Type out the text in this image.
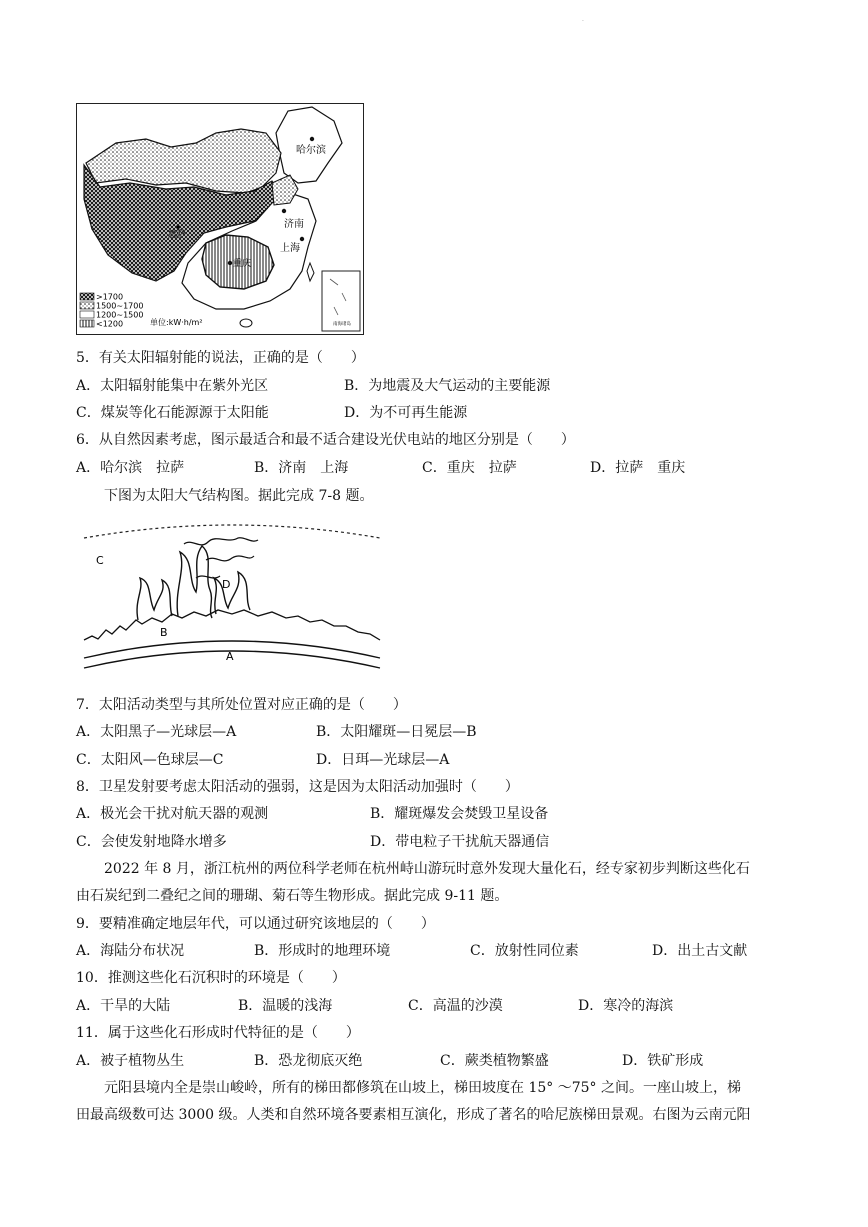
·
哈尔滨
济南
上海
拉萨
重庆
南海诸岛
>1700
1500~1700
1200~1500
<1200	单位:kW·h/m²
5．有关太阳辐射能的说法，正确的是（　　）
A．太阳辐射能集中在紫外光区	B．为地震及大气运动的主要能源
C．煤炭等化石能源源于太阳能	D．为不可再生能源
6．从自然因素考虑，图示最适合和最不适合建设光伏电站的地区分别是（　　）
A．哈尔滨　拉萨	B．济南　上海	C．重庆　拉萨	D．拉萨　重庆
下图为太阳大气结构图。据此完成 7-8 题。
C
D
B
A
7．太阳活动类型与其所处位置对应正确的是（　　）
A．太阳黑子—光球层—A	B．太阳耀斑—日冕层—B
C．太阳风—色球层—C	D．日珥—光球层—A
8．卫星发射要考虑太阳活动的强弱，这是因为太阳活动加强时（　　）
A．极光会干扰对航天器的观测	B．耀斑爆发会焚毁卫星设备
C．会使发射地降水增多	D．带电粒子干扰航天器通信
2022 年 8 月，浙江杭州的两位科学老师在杭州峙山游玩时意外发现大量化石，经专家初步判断这些化石
由石炭纪到二叠纪之间的珊瑚、菊石等生物形成。据此完成 9-11 题。
9．要精准确定地层年代，可以通过研究该地层的（　　）
A．海陆分布状况	B．形成时的地理环境	C．放射性同位素	D．出土古文献
10．推测这些化石沉积时的环境是（　　）
A．干旱的大陆	B．温暖的浅海	C．高温的沙漠	D．寒冷的海滨
11．属于这些化石形成时代特征的是（　　）
A．被子植物丛生	B．恐龙彻底灭绝	C．蕨类植物繁盛	D．铁矿形成
元阳县境内全是崇山峻岭，所有的梯田都修筑在山坡上，梯田坡度在 15° ～75° 之间。一座山坡上，梯
田最高级数可达 3000 级。人类和自然环境各要素相互演化，形成了著名的哈尼族梯田景观。右图为云南元阳
